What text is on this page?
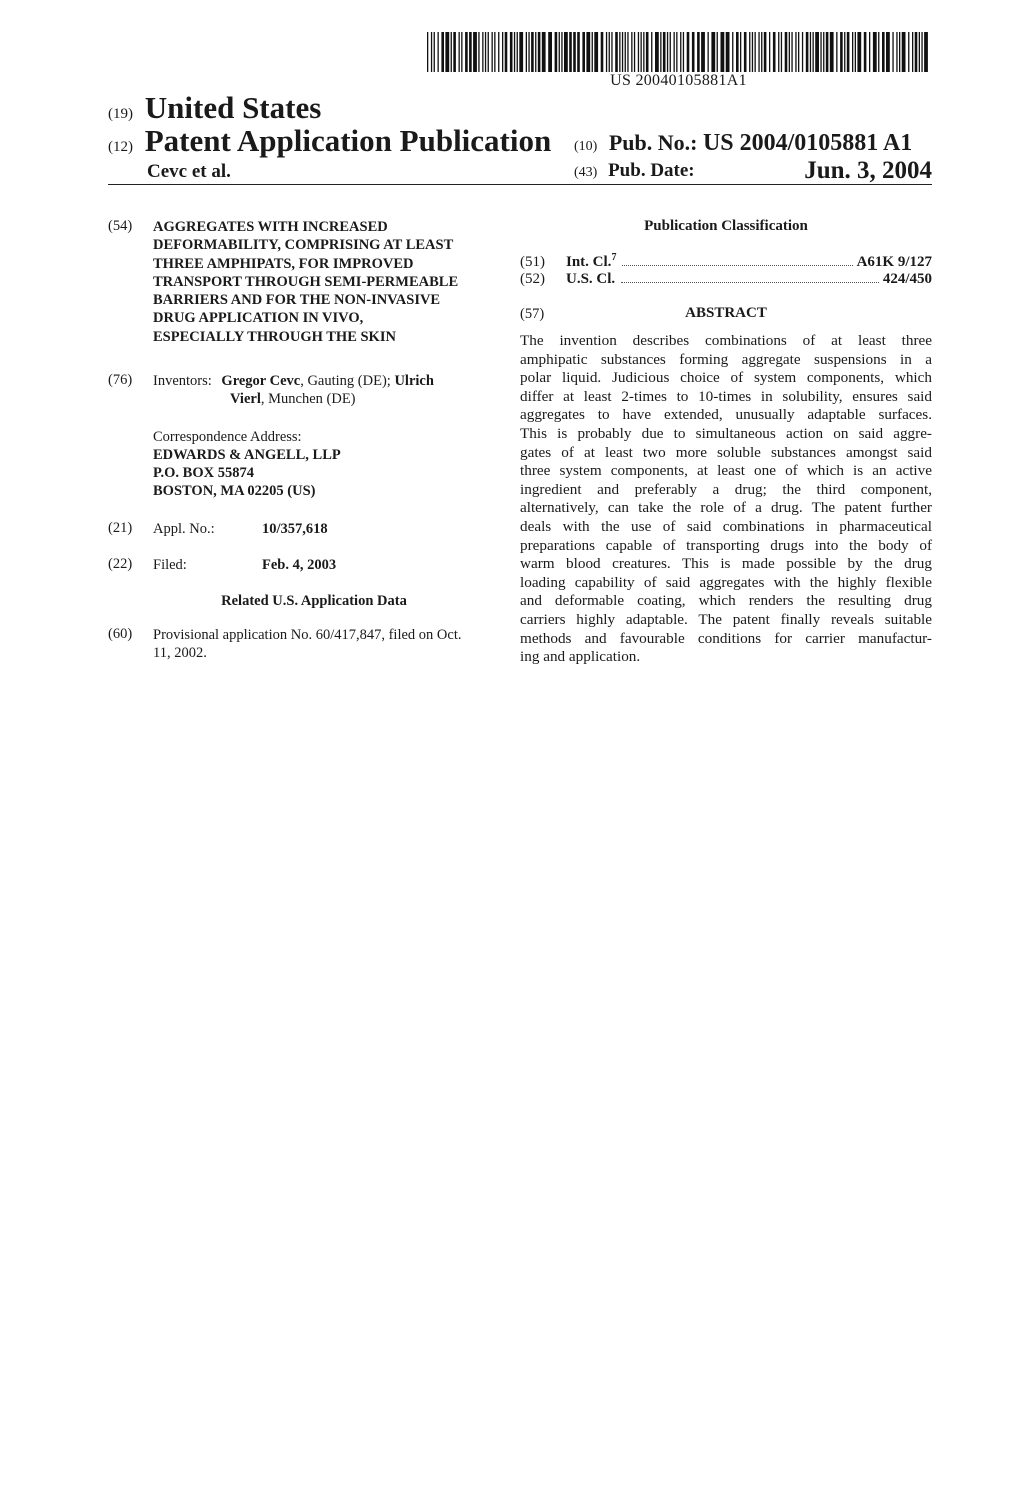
US 20040105881A1
(19) United States
(12) Patent Application Publication (10) Pub. No.: US 2004/0105881 A1
Cevc et al.	(43) Pub. Date:	Jun. 3, 2004
(54) AGGREGATES WITH INCREASED
DEFORMABILITY, COMPRISING AT LEAST
THREE AMPHIPATS, FOR IMPROVED
TRANSPORT THROUGH SEMI-PERMEABLE
BARRIERS AND FOR THE NON-INVASIVE
DRUG APPLICATION IN VIVO,
ESPECIALLY THROUGH THE SKIN
(76) Inventors: Gregor Cevc, Gauting (DE); Ulrich
Vierl, Munchen (DE)
Correspondence Address:
EDWARDS & ANGELL, LLP
P.O. BOX 55874
BOSTON, MA 02205 (US)
(21) Appl. No.:	10/357,618
(22) Filed:	Feb. 4, 2003
Related U.S. Application Data
(60) Provisional application No. 60/417,847, filed on Oct.
11, 2002.
Publication Classification
(51)	Int. Cl.$^7$	A61K 9/127
(52)	U.S. Cl.	424/450
(57)	ABSTRACT
The invention describes combinations of at least three
amphipatic substances forming aggregate suspensions in a
polar liquid. Judicious choice of system components, which
differ at least 2-times to 10-times in solubility, ensures said
aggregates to have extended, unusually adaptable surfaces.
This is probably due to simultaneous action on said aggre-
gates of at least two more soluble substances amongst said
three system components, at least one of which is an active
ingredient and preferably a drug; the third component,
alternatively, can take the role of a drug. The patent further
deals with the use of said combinations in pharmaceutical
preparations capable of transporting drugs into the body of
warm blood creatures. This is made possible by the drug
loading capability of said aggregates with the highly flexible
and deformable coating, which renders the resulting drug
carriers highly adaptable. The patent finally reveals suitable
methods and favourable conditions for carrier manufactur-
ing and application.
